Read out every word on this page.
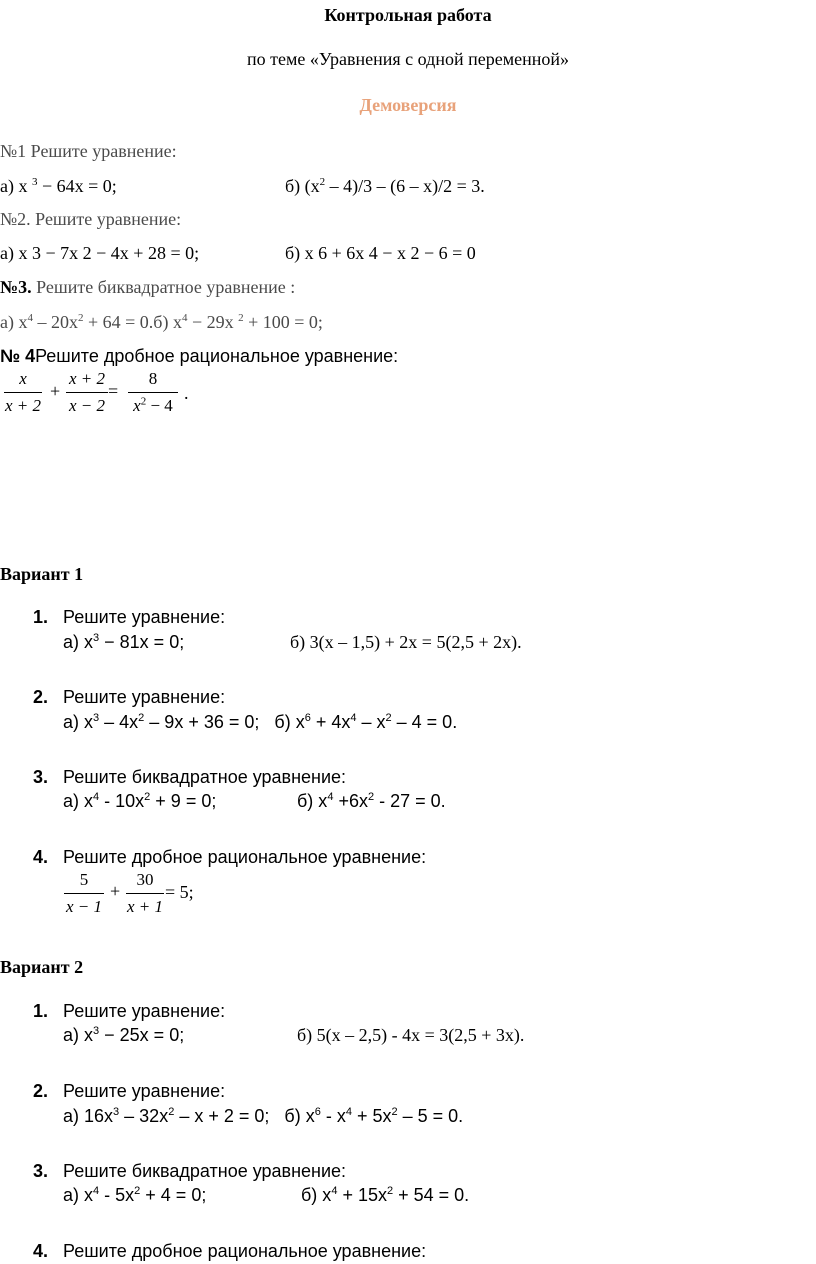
Контрольная работа
по теме «Уравнения с одной переменной»
Демоверсия
№1 Решите уравнение:
а) x $^3$ − 64x = 0;	б) $(x^2 - 4)/3 - (6 - x)/2 = 3$.
№2. Решите уравнение:
а) x 3 − 7x 2 − 4x + 28 = 0;	б) x 6 + 6x 4 − x 2 − 6 = 0
№3. Решите биквадратное уравнение :
а) $x^4 - 20x^2 + 64 = 0.б$) $x^4 - 29x$ $^2$ + 100 = 0;
№ 4Решите дробное рациональное уравнение:
x
x + 2
+
x + 2
x − 2
=
8
$x^2 - 4$
.
Вариант 1
1. Решите уравнение:
а) $x^3 - 81x = 0$;	б) 3(x – 1,5) + 2x = 5(2,5 + 2x).
2. Решите уравнение:
а) $x^3 - 4x^2 - 9x + 36 = 0$; б) $x^6 + 4x^4 - x^2 - 4 = 0$.
3. Решите биквадратное уравнение:
а) $x^4 - 10x^2 + 9 = 0$;	б) $x^4 +6x^2 - 27 = 0$.
4. Решите дробное рациональное уравнение:
5
x − 1
+
30
x + 1
= 5;
Вариант 2
1. Решите уравнение:
а) $x^3 - 25x = 0$;	б) 5(x – 2,5) - 4x = 3(2,5 + 3x).
2. Решите уравнение:
а) $16x^3 - 32x^2 - x + 2 = 0$; б) $x^6 - x^4 + 5x^2 - 5 = 0$.
3. Решите биквадратное уравнение:
а) $x^4 - 5x^2 + 4 = 0$;	б) $x^4 + 15x^2 + 54 = 0$.
4. Решите дробное рациональное уравнение:
